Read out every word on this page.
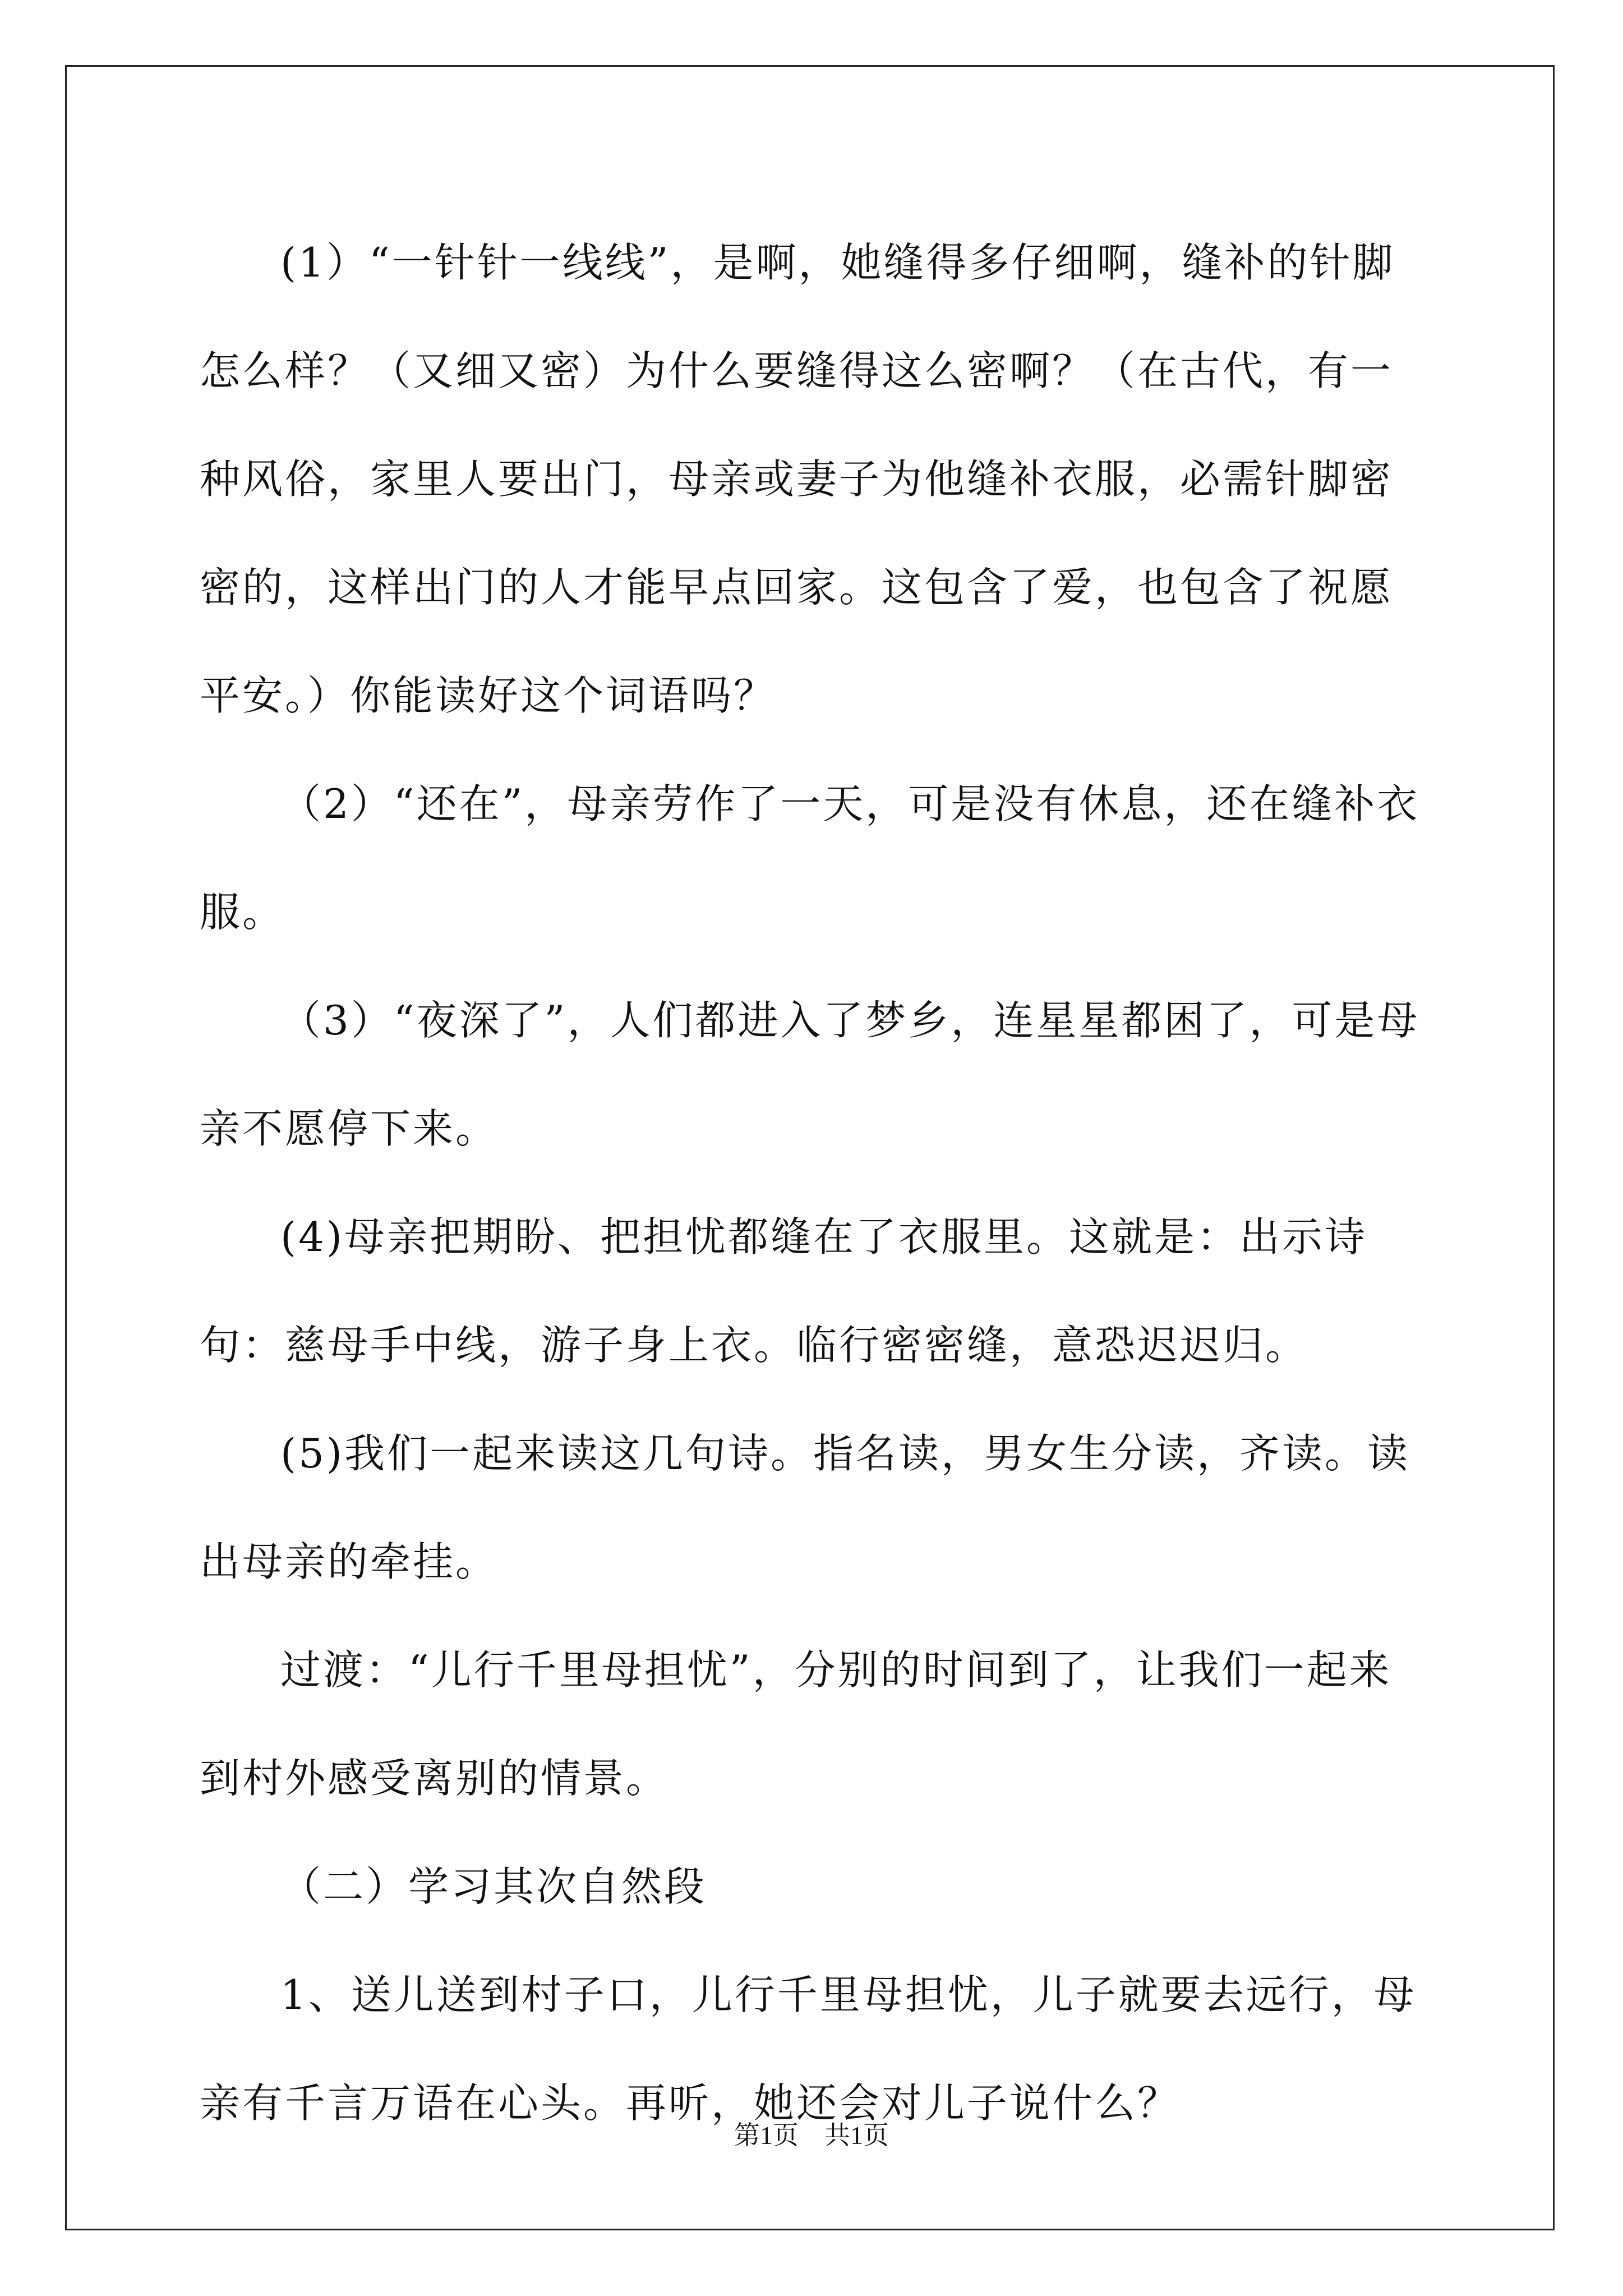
(1）“一针针一线线”，是啊，她缝得多仔细啊，缝补的针脚怎么样？（又细又密）为什么要缝得这么密啊？（在古代，有一种风俗，家里人要出门，母亲或妻子为他缝补衣服，必需针脚密密的，这样出门的人才能早点回家。这包含了爱，也包含了祝愿平安。）你能读好这个词语吗？

（2）“还在”，母亲劳作了一天，可是没有休息，还在缝补衣服。

（3）“夜深了”，人们都进入了梦乡，连星星都困了，可是母亲不愿停下来。

(4)母亲把期盼、把担忧都缝在了衣服里。这就是：出示诗句：慈母手中线，游子身上衣。临行密密缝，意恐迟迟归。

(5)我们一起来读这几句诗。指名读，男女生分读，齐读。读出母亲的牵挂。

过渡：“儿行千里母担忧”，分别的时间到了，让我们一起来到村外感受离别的情景。

（二）学习其次自然段

1、送儿送到村子口，儿行千里母担忧，儿子就要去远行，母亲有千言万语在心头。再听，她还会对儿子说什么？

第1页　共1页
